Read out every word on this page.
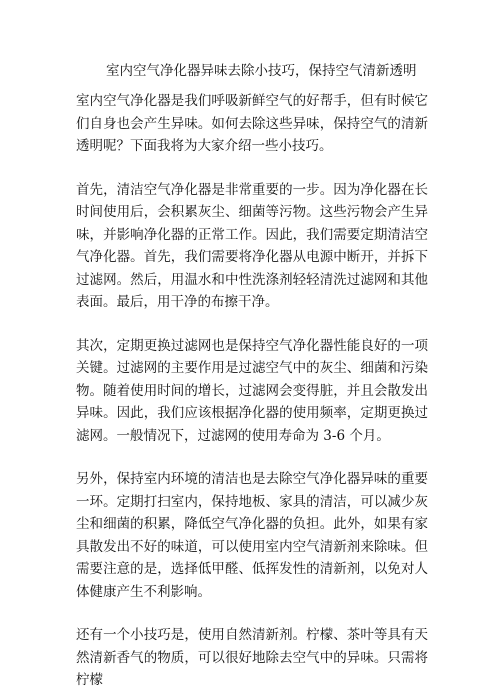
室内空气净化器异味去除小技巧，保持空气清新透明

室内空气净化器是我们呼吸新鲜空气的好帮手，但有时候它们自身也会产生异味。如何去除这些异味，保持空气的清新透明呢？下面我将为大家介绍一些小技巧。

首先，清洁空气净化器是非常重要的一步。因为净化器在长时间使用后，会积累灰尘、细菌等污物。这些污物会产生异味，并影响净化器的正常工作。因此，我们需要定期清洁空气净化器。首先，我们需要将净化器从电源中断开，并拆下过滤网。然后，用温水和中性洗涤剂轻轻清洗过滤网和其他表面。最后，用干净的布擦干净。

其次，定期更换过滤网也是保持空气净化器性能良好的一项关键。过滤网的主要作用是过滤空气中的灰尘、细菌和污染物。随着使用时间的增长，过滤网会变得脏，并且会散发出异味。因此，我们应该根据净化器的使用频率，定期更换过滤网。一般情况下，过滤网的使用寿命为 3-6 个月。

另外，保持室内环境的清洁也是去除空气净化器异味的重要一环。定期打扫室内，保持地板、家具的清洁，可以减少灰尘和细菌的积累，降低空气净化器的负担。此外，如果有家具散发出不好的味道，可以使用室内空气清新剂来除味。但需要注意的是，选择低甲醛、低挥发性的清新剂，以免对人体健康产生不利影响。

还有一个小技巧是，使用自然清新剂。柠檬、茶叶等具有天然清新香气的物质，可以很好地除去空气中的异味。只需将柠檬
